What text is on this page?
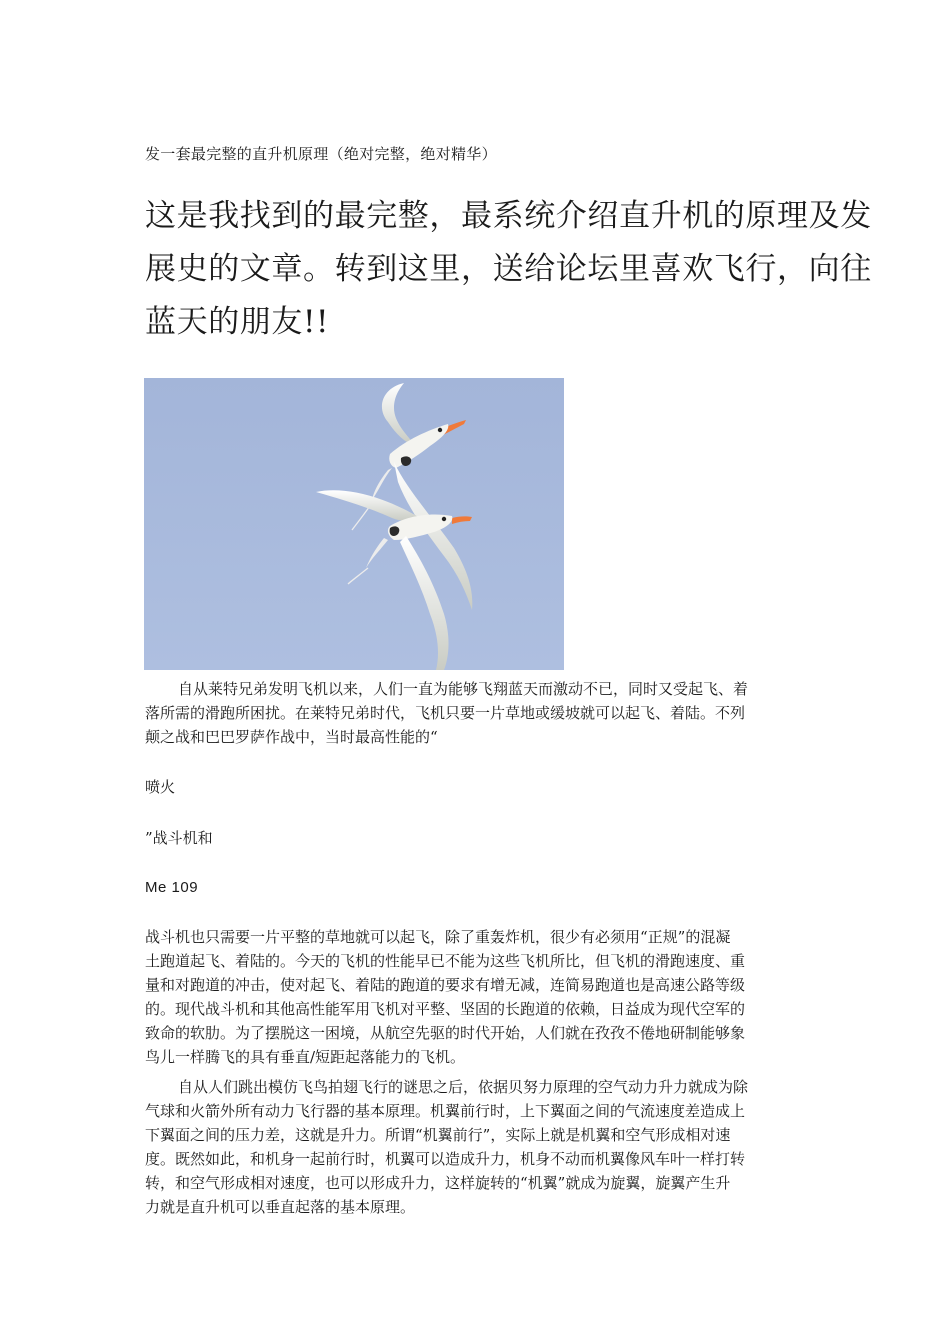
发一套最完整的直升机原理（绝对完整，绝对精华）
这是我找到的最完整，最系统介绍直升机的原理及发
展史的文章。转到这里，送给论坛里喜欢飞行，向往
蓝天的朋友!!
自从莱特兄弟发明飞机以来，人们一直为能够飞翔蓝天而激动不已，同时又受起飞、着
落所需的滑跑所困扰。在莱特兄弟时代，飞机只要一片草地或缓坡就可以起飞、着陆。不列
颠之战和巴巴罗萨作战中，当时最高性能的“
喷火
”战斗机和
Me 109
战斗机也只需要一片平整的草地就可以起飞，除了重轰炸机，很少有必须用“正规”的混凝
土跑道起飞、着陆的。今天的飞机的性能早已不能为这些飞机所比，但飞机的滑跑速度、重
量和对跑道的冲击，使对起飞、着陆的跑道的要求有增无减，连简易跑道也是高速公路等级
的。现代战斗机和其他高性能军用飞机对平整、坚固的长跑道的依赖，日益成为现代空军的
致命的软肋。为了摆脱这一困境，从航空先驱的时代开始，人们就在孜孜不倦地研制能够象
鸟儿一样腾飞的具有垂直/短距起落能力的飞机。
自从人们跳出模仿飞鸟拍翅飞行的谜思之后，依据贝努力原理的空气动力升力就成为除
气球和火箭外所有动力飞行器的基本原理。机翼前行时，上下翼面之间的气流速度差造成上
下翼面之间的压力差，这就是升力。所谓“机翼前行”，实际上就是机翼和空气形成相对速
度。既然如此，和机身一起前行时，机翼可以造成升力，机身不动而机翼像风车叶一样打转
转，和空气形成相对速度，也可以形成升力，这样旋转的“机翼”就成为旋翼，旋翼产生升
力就是直升机可以垂直起落的基本原理。
